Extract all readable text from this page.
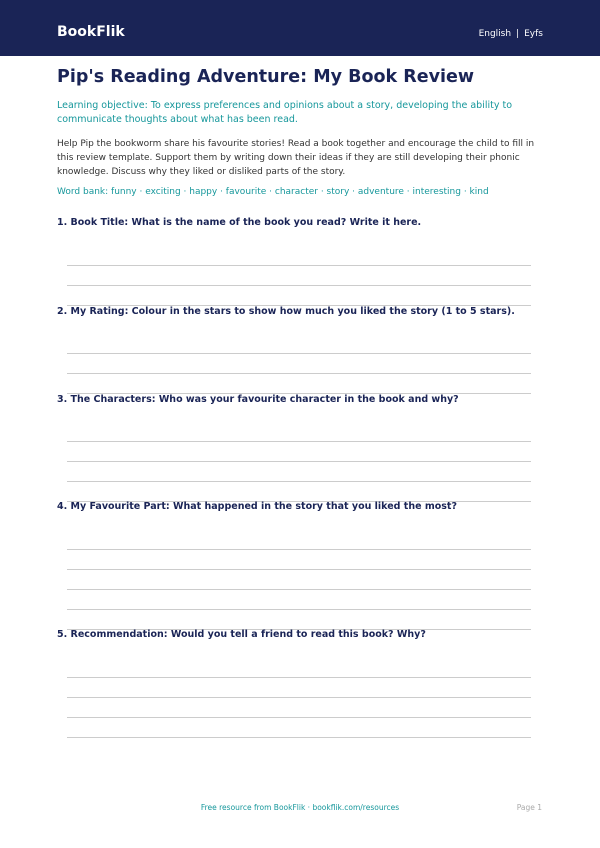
BookFlik	English | Eyfs
Pip's Reading Adventure: My Book Review

Learning objective: To express preferences and opinions about a story, developing the ability to communicate thoughts about what has been read.

Help Pip the bookworm share his favourite stories! Read a book together and encourage the child to fill in this review template. Support them by writing down their ideas if they are still developing their phonic knowledge. Discuss why they liked or disliked parts of the story.

Word bank: funny · exciting · happy · favourite · character · story · adventure · interesting · kind

1. Book Title: What is the name of the book you read? Write it here.

2. My Rating: Colour in the stars to show how much you liked the story (1 to 5 stars).

3. The Characters: Who was your favourite character in the book and why?

4. My Favourite Part: What happened in the story that you liked the most?

5. Recommendation: Would you tell a friend to read this book? Why?

Free resource from BookFlik · bookflik.com/resources	Page 1
